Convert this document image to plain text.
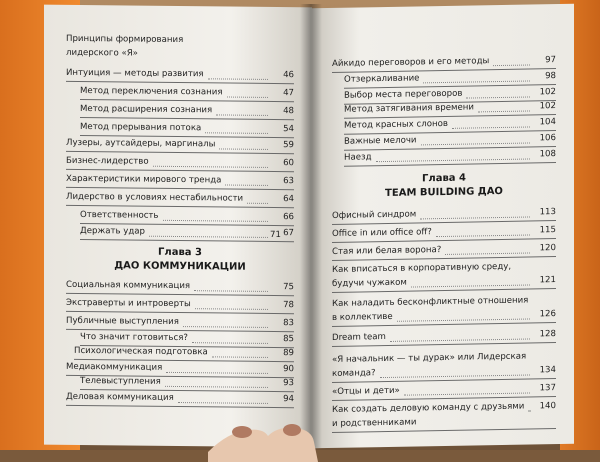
Принципы формирования
лидерского «Я»
Интуиция — методы развития	46
Метод переключения сознания	47
Метод расширения сознания	48
Метод прерывания потока	54
Лузеры, аутсайдеры, маргиналы	59
Бизнес-лидерство	60
Характеристики мирового тренда	63
Лидерство в условиях нестабильности	64
Ответственность	66
Держать удар	67
71
Глава 3
ДАО КОММУНИКАЦИИ
Социальная коммуникация	75
Экстраверты и интроверты	78
Публичные выступления	83
Что значит готовиться?	85
Психологическая подготовка	89
Медиакоммуникация	90
Телевыступления	93
Деловая коммуникация	94
Айкидо переговоров и его методы	97
Отзеркаливание	98
Выбор места переговоров	102
Метод затягивания времени	102
Метод красных слонов	104
Важные мелочи	106
Наезд	108
Глава 4
TEAM BUILDING ДАО
Офисный синдром	113
Office in или office off?	115
Стая или белая ворона?	120
Как вписаться в корпоративную среду,
будучи чужаком	121
Как наладить бесконфликтные отношения
в коллективе	126
Dream team	128
«Я начальник — ты дурак» или Лидерская
команда?	134
«Отцы и дети»	137
Как создать деловую команду с друзьями	140
и родственниками
